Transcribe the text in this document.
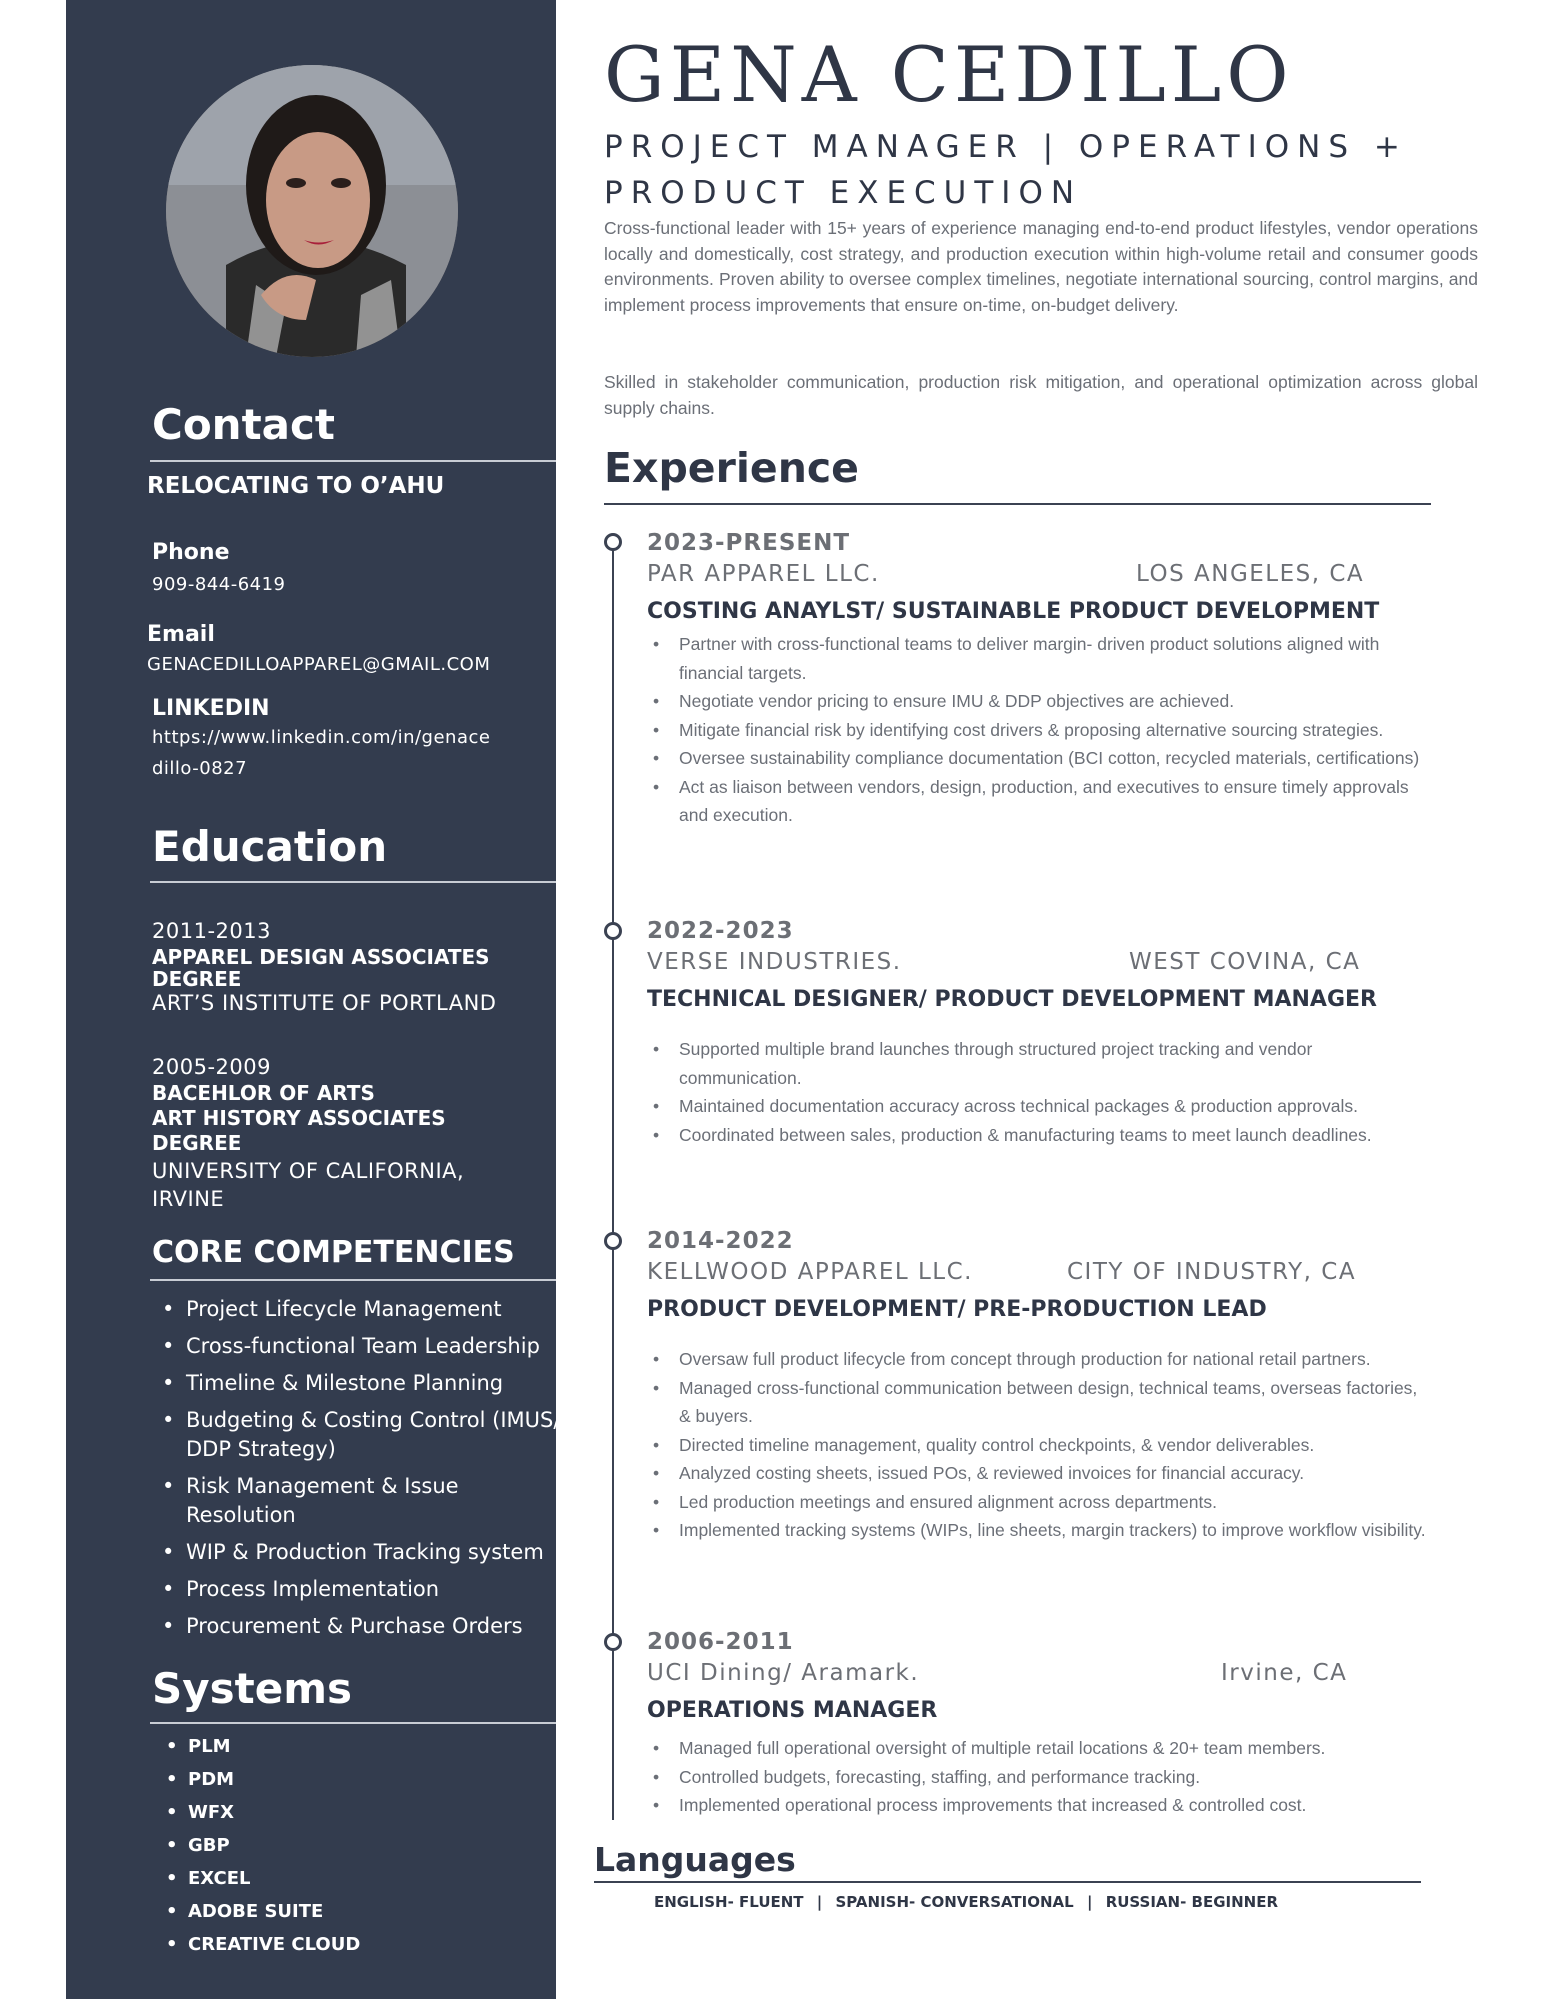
Contact
RELOCATING TO O’AHU
Phone
909-844-6419
Email
GENACEDILLOAPPAREL@GMAIL.COM
LINKEDIN
https://www.linkedin.com/in/genace
dillo-0827
Education
2011-2013
APPAREL DESIGN ASSOCIATES
DEGREE
ART’S INSTITUTE OF PORTLAND
2005-2009
BACEHLOR OF ARTS
ART HISTORY ASSOCIATES
DEGREE
UNIVERSITY OF CALIFORNIA,
IRVINE
CORE COMPETENCIES
• Project Lifecycle Management
• Cross-functional Team Leadership
• Timeline & Milestone Planning
• Budgeting & Costing Control (IMUS/ DDP Strategy)
• Risk Management & Issue Resolution
• WIP & Production Tracking system
• Process Implementation
• Procurement & Purchase Orders
Systems
• PLM
• PDM
• WFX
• GBP
• EXCEL
• ADOBE SUITE
• CREATIVE CLOUD
GENA CEDILLO
PROJECT MANAGER | OPERATIONS +
PRODUCT EXECUTION
Cross-functional leader with 15+ years of experience managing end-to-end product lifestyles, vendor operations locally and domestically, cost strategy, and production execution within high-volume retail and consumer goods environments. Proven ability to oversee complex timelines, negotiate international sourcing, control margins, and implement process improvements that ensure on-time, on-budget delivery.
Skilled in stakeholder communication, production risk mitigation, and operational optimization across global supply chains.
Experience
2023-PRESENT
PAR APPAREL LLC.	LOS ANGELES, CA
COSTING ANAYLST/ SUSTAINABLE PRODUCT DEVELOPMENT
• Partner with cross-functional teams to deliver margin- driven product solutions aligned with financial targets.
• Negotiate vendor pricing to ensure IMU & DDP objectives are achieved.
• Mitigate financial risk by identifying cost drivers & proposing alternative sourcing strategies.
• Oversee sustainability compliance documentation (BCI cotton, recycled materials, certifications)
• Act as liaison between vendors, design, production, and executives to ensure timely approvals and execution.
2022-2023
VERSE INDUSTRIES.	WEST COVINA, CA
TECHNICAL DESIGNER/ PRODUCT DEVELOPMENT MANAGER
• Supported multiple brand launches through structured project tracking and vendor communication.
• Maintained documentation accuracy across technical packages & production approvals.
• Coordinated between sales, production & manufacturing teams to meet launch deadlines.
2014-2022
KELLWOOD APPAREL LLC.	CITY OF INDUSTRY, CA
PRODUCT DEVELOPMENT/ PRE-PRODUCTION LEAD
• Oversaw full product lifecycle from concept through production for national retail partners.
• Managed cross-functional communication between design, technical teams, overseas factories, & buyers.
• Directed timeline management, quality control checkpoints, & vendor deliverables.
• Analyzed costing sheets, issued POs, & reviewed invoices for financial accuracy.
• Led production meetings and ensured alignment across departments.
• Implemented tracking systems (WIPs, line sheets, margin trackers) to improve workflow visibility.
2006-2011
UCI Dining/ Aramark.	Irvine, CA
OPERATIONS MANAGER
• Managed full operational oversight of multiple retail locations & 20+ team members.
• Controlled budgets, forecasting, staffing, and performance tracking.
• Implemented operational process improvements that increased & controlled cost.
Languages
ENGLISH- FLUENT | SPANISH- CONVERSATIONAL | RUSSIAN- BEGINNER
